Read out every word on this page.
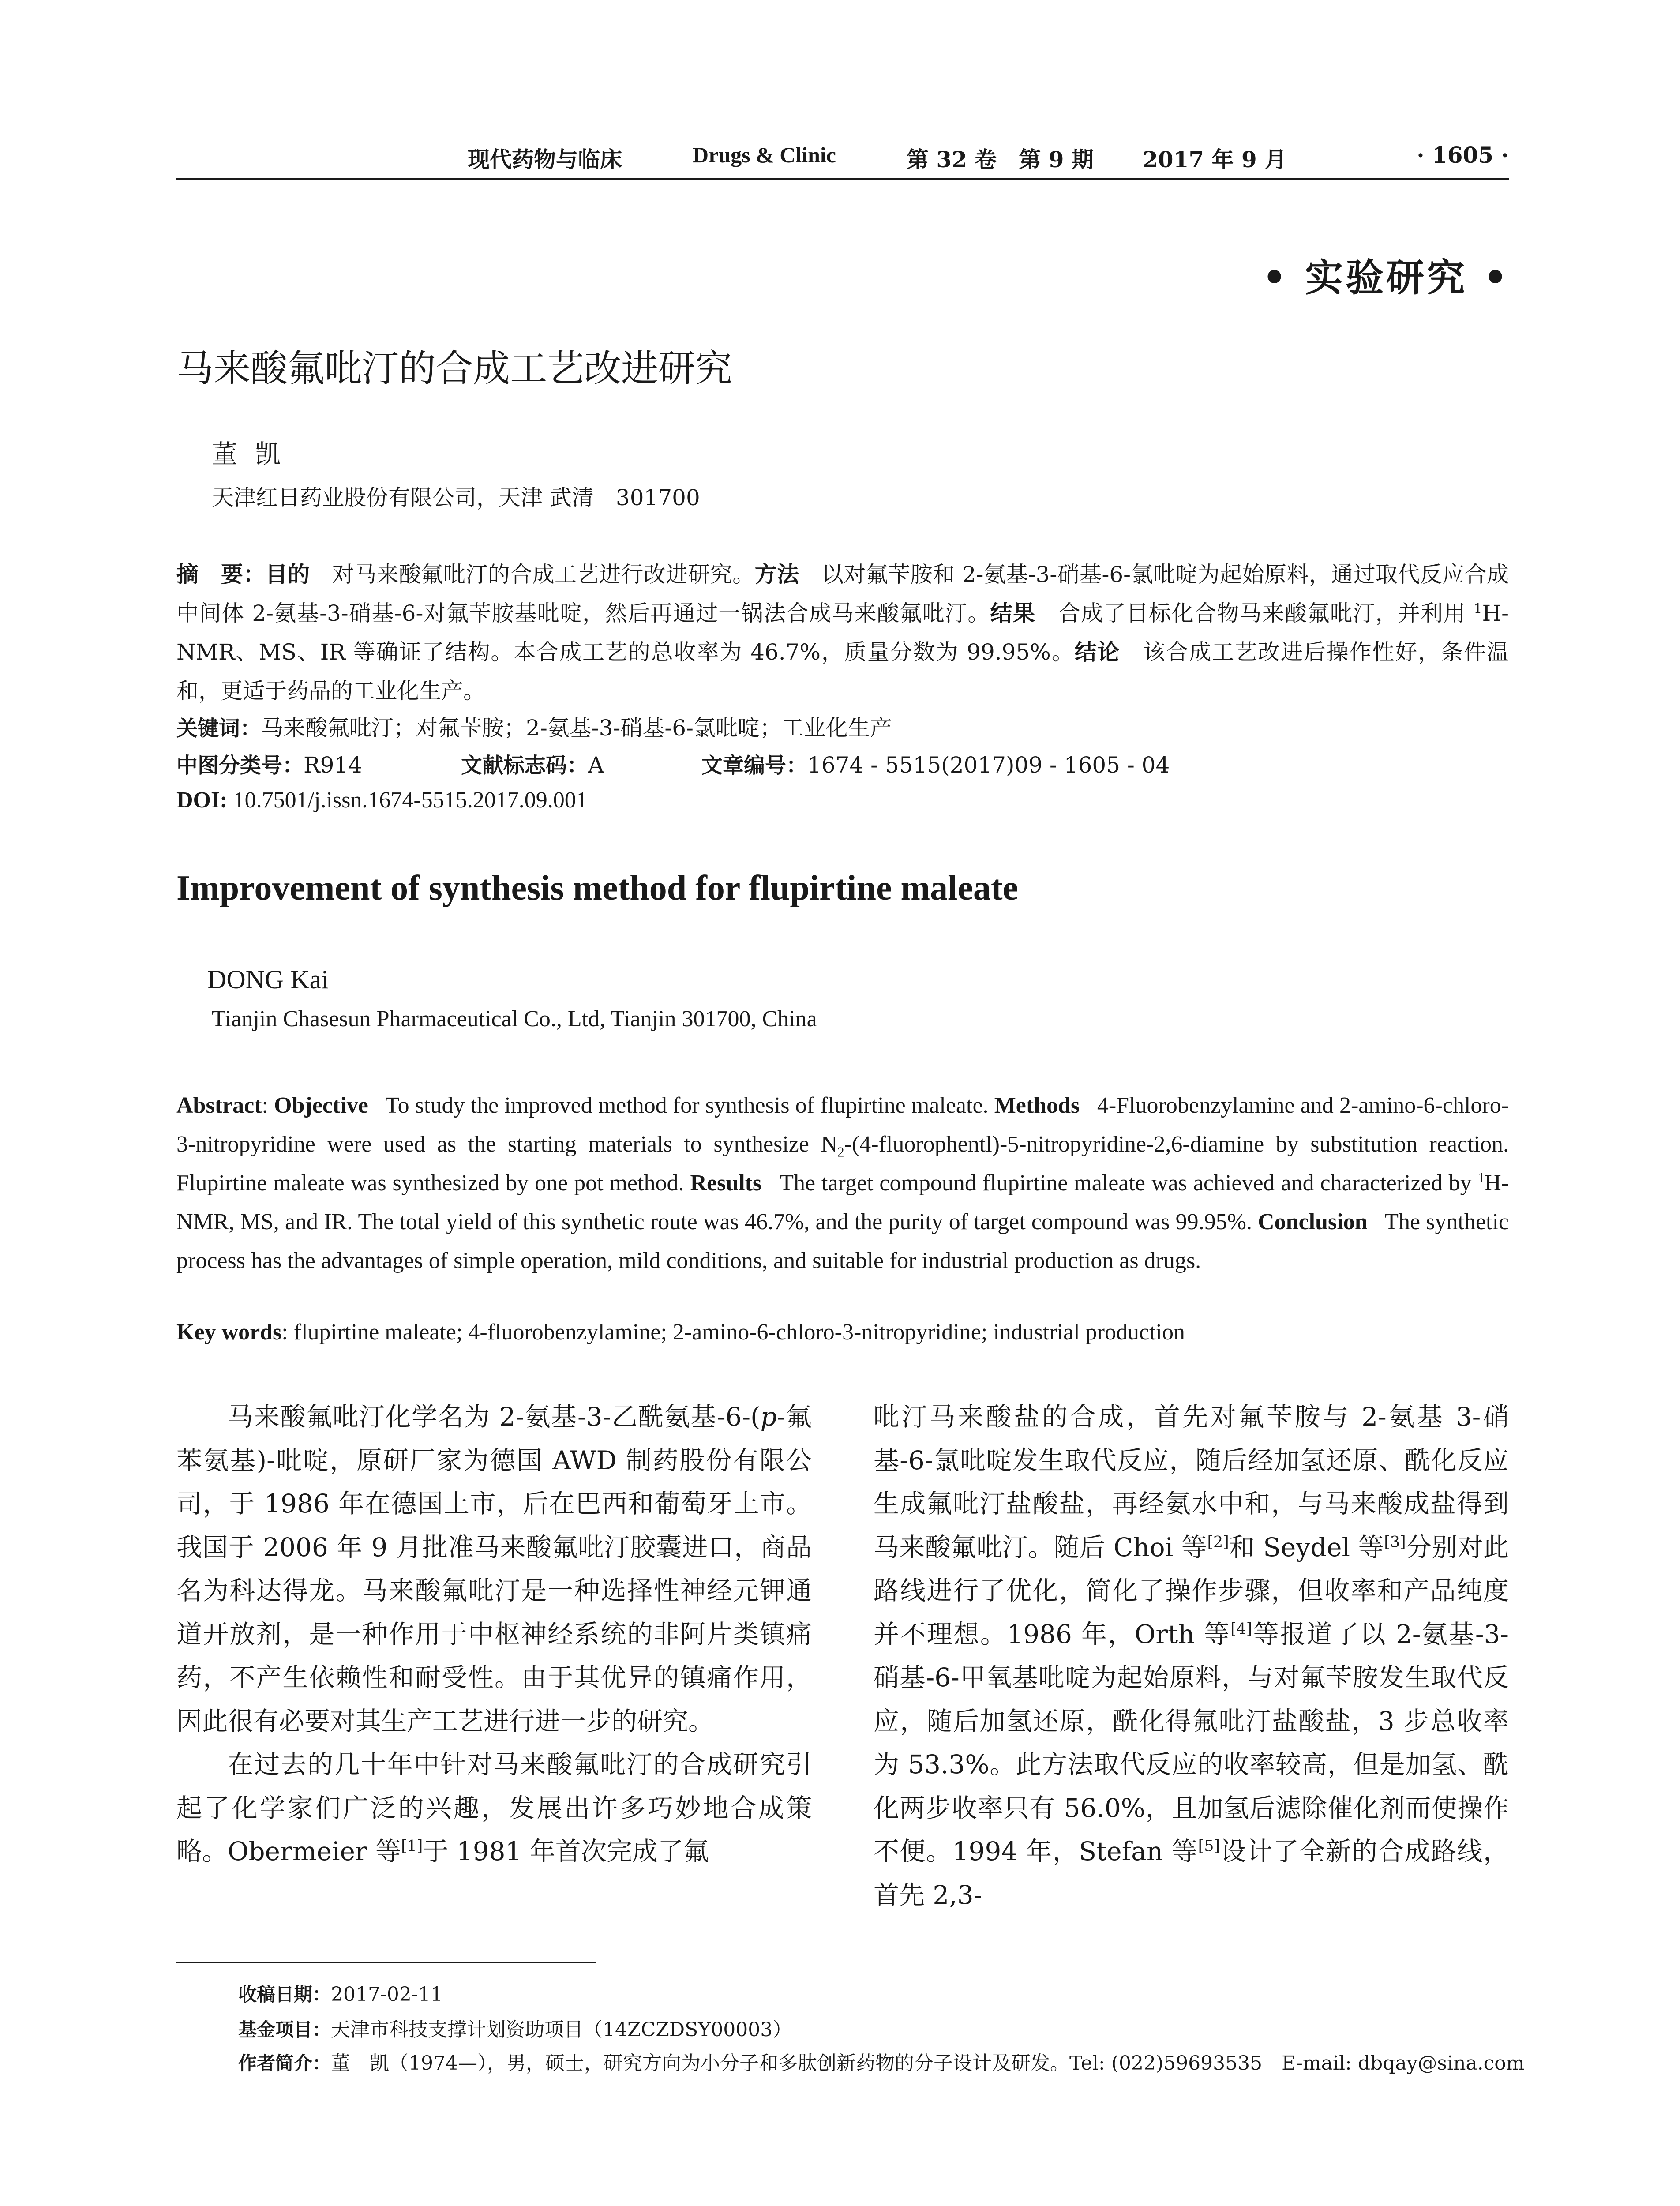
现代药物与临床	Drugs & Clinic	第 32 卷　第 9 期 2017 年 9 月	· 1605 ·
• 实验研究 •
马来酸氟吡汀的合成工艺改进研究
董凯
天津红日药业股份有限公司，天津 武清　301700
摘　要：目的　 对马来酸氟吡汀的合成工艺进行改进研究。方法　 以对氟苄胺和 2-氨基-3-硝基-6-氯吡啶为起始原料，通过取代反应合成中间体 2-氨基-3-硝基-6-对氟苄胺基吡啶，然后再通过一锅法合成马来酸氟吡汀。结果　 合成了目标化合物马来酸氟吡汀，并利用 $^1$H-NMR、MS、IR 等确证了结构。本合成工艺的总收率为 46.7%，质量分数为 99.95%。结论　 该合成工艺改进后操作性好，条件温和，更适于药品的工业化生产。
关键词：马来酸氟吡汀；对氟苄胺；2-氨基-3-硝基-6-氯吡啶；工业化生产
中图分类号：R914	文献标志码：A	文章编号：1674 - 5515(2017)09 - 1605 - 04
DOI: 10.7501/j.issn.1674-5515.2017.09.001
Improvement of synthesis method for flupirtine maleate
DONG Kai
Tianjin Chasesun Pharmaceutical Co., Ltd, Tianjin 301700, China
Abstract: Objective To study the improved method for synthesis of flupirtine maleate. Methods 4-Fluorobenzylamine and 2-amino-6-chloro-3-nitropyridine were used as the starting materials to synthesize $N_2-(4-fluorophentl)-5-nitropyridine-2,6$-diamine by substitution reaction. Flupirtine maleate was synthesized by one pot method. Results The target compound flupirtine maleate was achieved and characterized by $^1$H-NMR, MS, and IR. The total yield of this synthetic route was 46.7%, and the purity of target compound was 99.95%. Conclusion The synthetic process has the advantages of simple operation, mild conditions, and suitable for industrial production as drugs.
Key words: flupirtine maleate; 4-fluorobenzylamine; 2-amino-6-chloro-3-nitropyridine; industrial production

马来酸氟吡汀化学名为 2-氨基-3-乙酰氨基-6-(p-氟苯氨基)-吡啶，原研厂家为德国 AWD 制药股份有限公司，于 1986 年在德国上市，后在巴西和葡萄牙上市。我国于 2006 年 9 月批准马来酸氟吡汀胶囊进口，商品名为科达得龙。马来酸氟吡汀是一种选择性神经元钾通道开放剂，是一种作用于中枢神经系统的非阿片类镇痛药，不产生依赖性和耐受性。由于其优异的镇痛作用，因此很有必要对其生产工艺进行进一步的研究。

在过去的几十年中针对马来酸氟吡汀的合成研究引起了化学家们广泛的兴趣，发展出许多巧妙地合成策略。Obermeier 等[1]于 1981 年首次完成了氟

吡汀马来酸盐的合成，首先对氟苄胺与 2-氨基 3-硝基-6-氯吡啶发生取代反应，随后经加氢还原、酰化反应生成氟吡汀盐酸盐，再经氨水中和，与马来酸成盐得到马来酸氟吡汀。随后 Choi 等[2]和 Seydel 等[3]分别对此路线进行了优化，简化了操作步骤，但收率和产品纯度并不理想。1986 年，Orth 等[4]等报道了以 2-氨基-3-硝基-6-甲氧基吡啶为起始原料，与对氟苄胺发生取代反应，随后加氢还原，酰化得氟吡汀盐酸盐，3 步总收率为 53.3%。此方法取代反应的收率较高，但是加氢、酰化两步收率只有 56.0%，且加氢后滤除催化剂而使操作不便。1994 年，Stefan 等[5]设计了全新的合成路线，首先 2,3-

收稿日期：2017-02-11
基金项目：天津市科技支撑计划资助项目（14ZCZDSY00003）
作者简介：董　凯（1974—），男，硕士，研究方向为小分子和多肽创新药物的分子设计及研发。Tel: (022)59693535　E-mail: dbqay@sina.com
